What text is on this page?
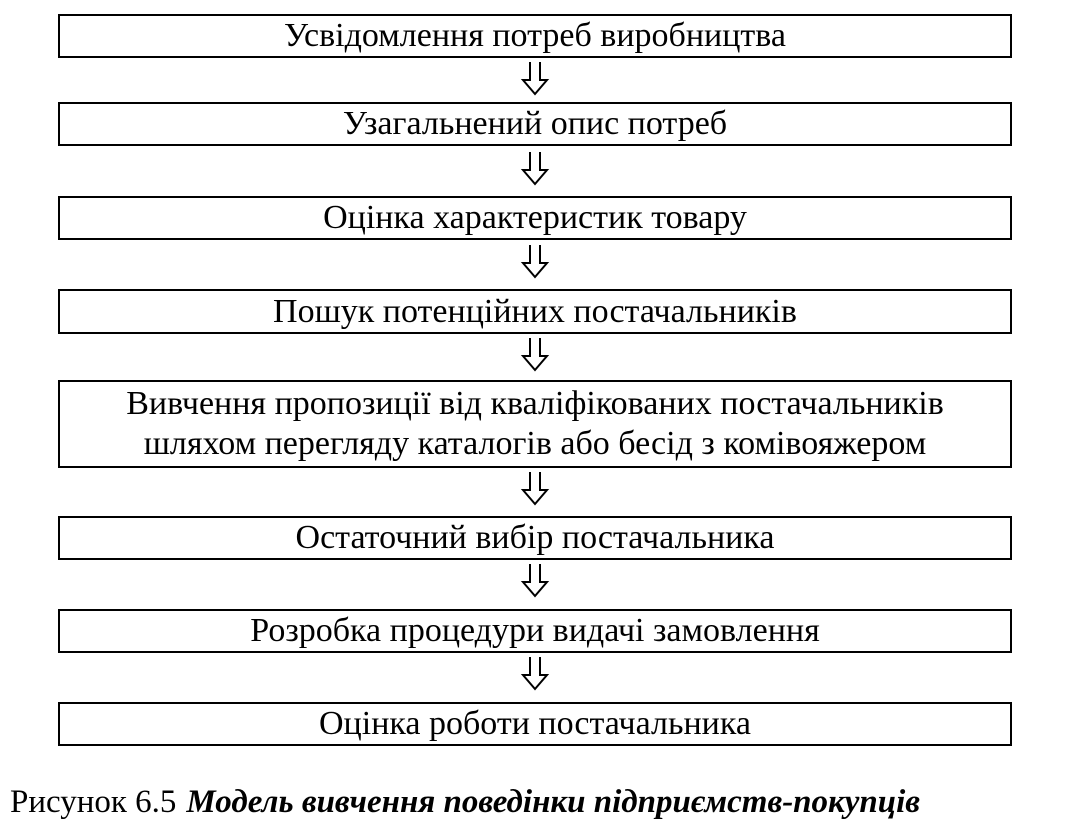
Усвідомлення потреб виробництва
Узагальнений опис потреб
Оцінка характеристик товару
Пошук потенційних постачальників
Вивчення пропозиції від кваліфікованих постачальників
шляхом перегляду каталогів або бесід з комівояжером
Остаточний вибір постачальника
Розробка процедури видачі замовлення
Оцінка роботи постачальника
Рисунок 6.5 Модель вивчення поведінки підприємств-покупців
